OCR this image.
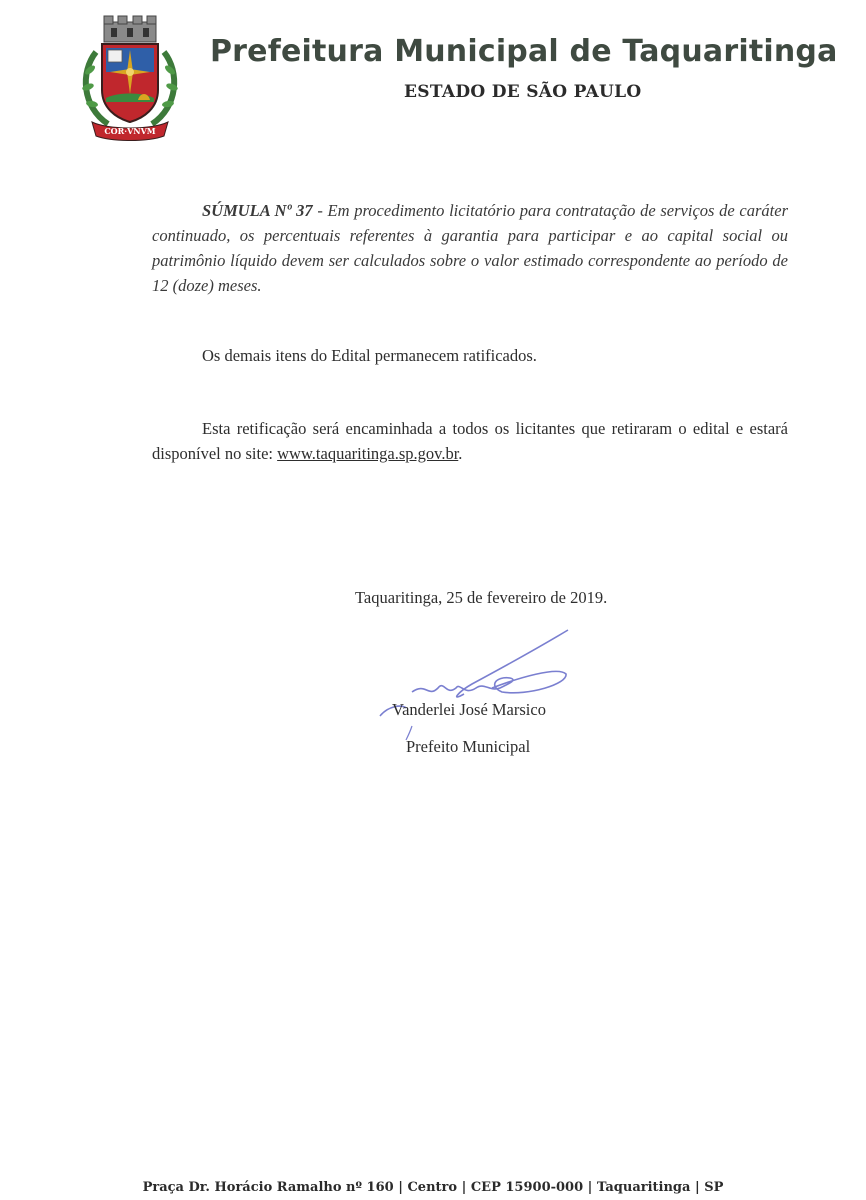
COR·VNVM
Prefeitura Municipal de Taquaritinga
ESTADO DE SÃO PAULO
SÚMULA Nº 37 - Em procedimento licitatório para contratação de serviços de caráter continuado, os percentuais referentes à garantia para participar e ao capital social ou patrimônio líquido devem ser calculados sobre o valor estimado correspondente ao período de 12 (doze) meses.
Os demais itens do Edital permanecem ratificados.
Esta retificação será encaminhada a todos os licitantes que retiraram o edital e estará disponível no site: www.taquaritinga.sp.gov.br.
Taquaritinga, 25 de fevereiro de 2019.
Vanderlei José Marsico
Prefeito Municipal
Praça Dr. Horácio Ramalho nº 160 | Centro | CEP 15900-000 | Taquaritinga | SP
